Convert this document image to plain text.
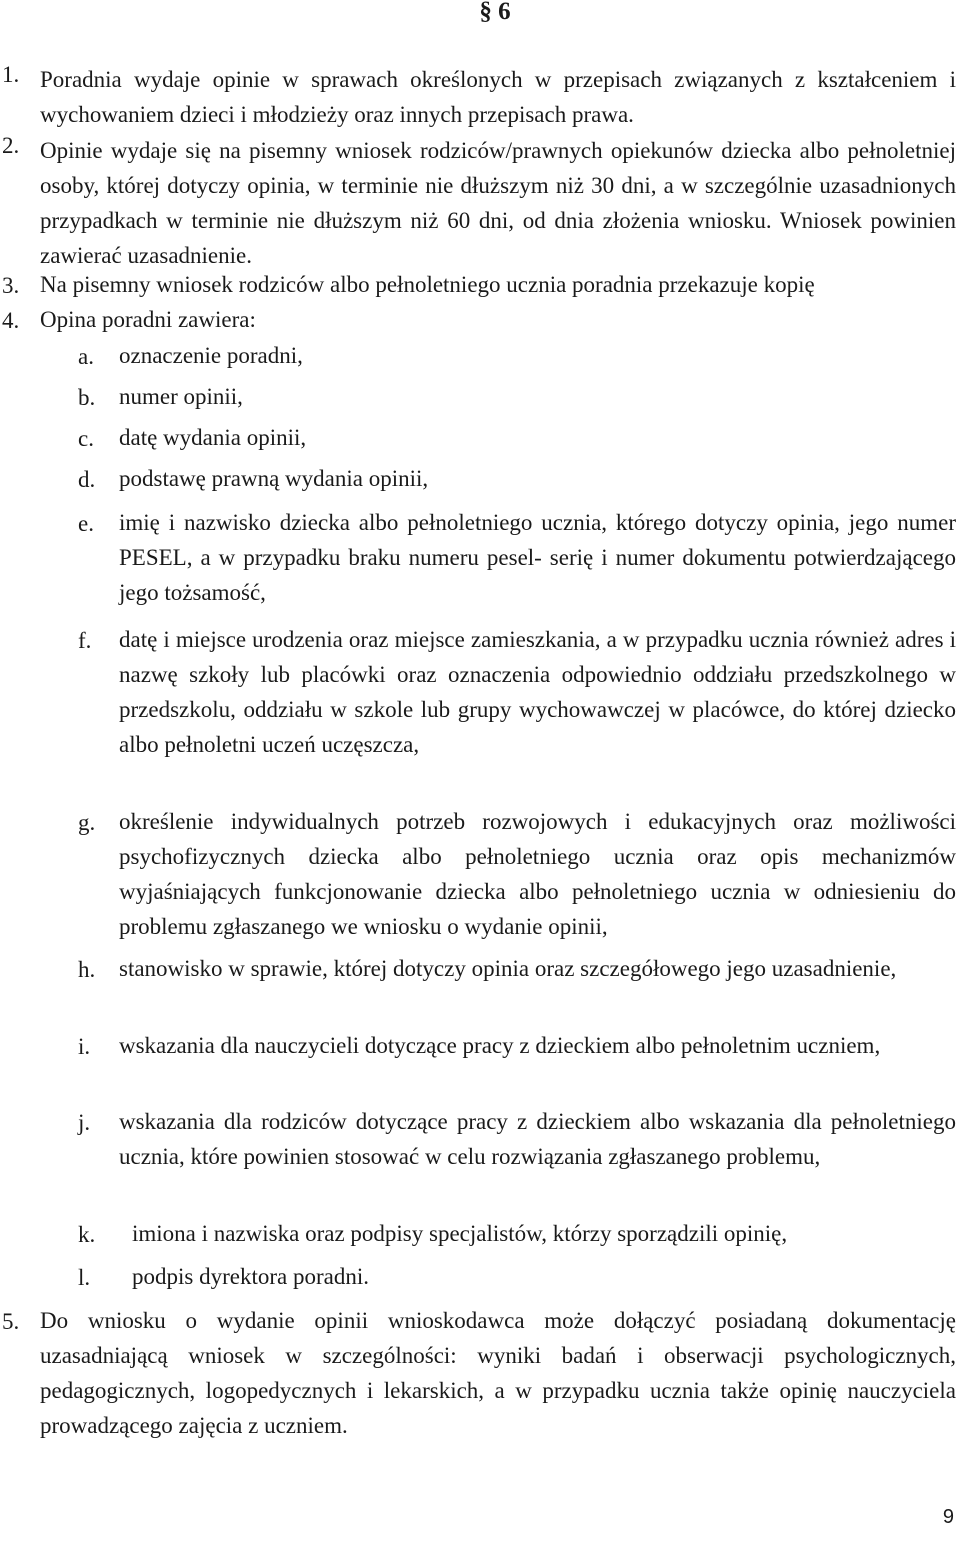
§ 6
1. Poradnia wydaje opinie w sprawach określonych w przepisach związanych z kształceniem i wychowaniem dzieci i młodzieży oraz innych przepisach prawa.

2. Opinie wydaje się na pisemny wniosek rodziców/prawnych opiekunów dziecka albo pełnoletniej osoby, której dotyczy opinia, w terminie nie dłuższym niż 30 dni, a w szczególnie uzasadnionych przypadkach w terminie nie dłuższym niż 60 dni, od dnia złożenia wniosku. Wniosek powinien zawierać uzasadnienie.

3. Na pisemny wniosek rodziców albo pełnoletniego ucznia poradnia przekazuje kopię
4. Opina poradni zawiera:
a. oznaczenie poradni,
b. numer opinii,
c. datę wydania opinii,
d. podstawę prawną wydania opinii,
e. imię i nazwisko dziecka albo pełnoletniego ucznia, którego dotyczy opinia, jego numer PESEL, a w przypadku braku numeru pesel- serię i numer dokumentu potwierdzającego jego tożsamość,

f. datę i miejsce urodzenia oraz miejsce zamieszkania, a w przypadku ucznia również adres i nazwę szkoły lub placówki oraz oznaczenia odpowiednio oddziału przedszkolnego w przedszkolu, oddziału w szkole lub grupy wychowawczej w placówce, do której dziecko albo pełnoletni uczeń uczęszcza,

g. określenie indywidualnych potrzeb rozwojowych i edukacyjnych oraz możliwości psychofizycznych dziecka albo pełnoletniego ucznia oraz opis mechanizmów wyjaśniających funkcjonowanie dziecka albo pełnoletniego ucznia w odniesieniu do problemu zgłaszanego we wniosku o wydanie opinii,

h. stanowisko w sprawie, której dotyczy opinia oraz szczegółowego jego uzasadnienie,

i. wskazania dla nauczycieli dotyczące pracy z dzieckiem albo pełnoletnim uczniem,

j. wskazania dla rodziców dotyczące pracy z dzieckiem albo wskazania dla pełnoletniego ucznia, które powinien stosować w celu rozwiązania zgłaszanego problemu,

k. imiona i nazwiska oraz podpisy specjalistów, którzy sporządzili opinię,
l. podpis dyrektora poradni.
5. Do wniosku o wydanie opinii wnioskodawca może dołączyć posiadaną dokumentację uzasadniającą wniosek w szczególności: wyniki badań i obserwacji psychologicznych, pedagogicznych, logopedycznych i lekarskich, a w przypadku ucznia także opinię nauczyciela prowadzącego zajęcia z uczniem.

9
